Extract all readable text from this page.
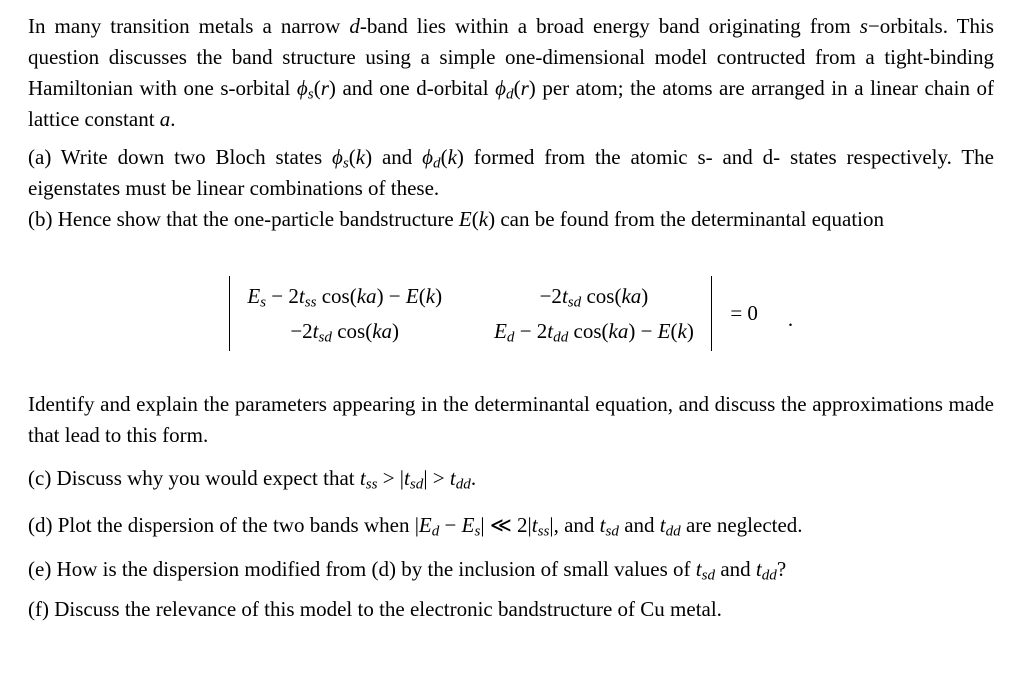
In many transition metals a narrow d-band lies within a broad energy band originating from s−orbitals. This question discusses the band structure using a simple one-dimensional model contructed from a tight-binding Hamiltonian with one s-orbital ϕs(r) and one d-orbital ϕd(r) per atom; the atoms are arranged in a linear chain of lattice constant a.

(a) Write down two Bloch states ϕs(k) and ϕd(k) formed from the atomic s- and d- states respectively. The eigenstates must be linear combinations of these.

(b) Hence show that the one-particle bandstructure E(k) can be found from the determinantal equation

Es − 2tss cos(ka) − E(k)	−2tsd cos(ka)
−2tsd cos(ka)	Ed − 2tdd cos(ka) − E(k)
= 0 .

Identify and explain the parameters appearing in the determinantal equation, and discuss the approximations made that lead to this form.

(c) Discuss why you would expect that tss > |tsd| > tdd.

(d) Plot the dispersion of the two bands when |Ed − Es| ≪ 2|tss|, and tsd and tdd are neglected.

(e) How is the dispersion modified from (d) by the inclusion of small values of tsd and tdd?

(f) Discuss the relevance of this model to the electronic bandstructure of Cu metal.
